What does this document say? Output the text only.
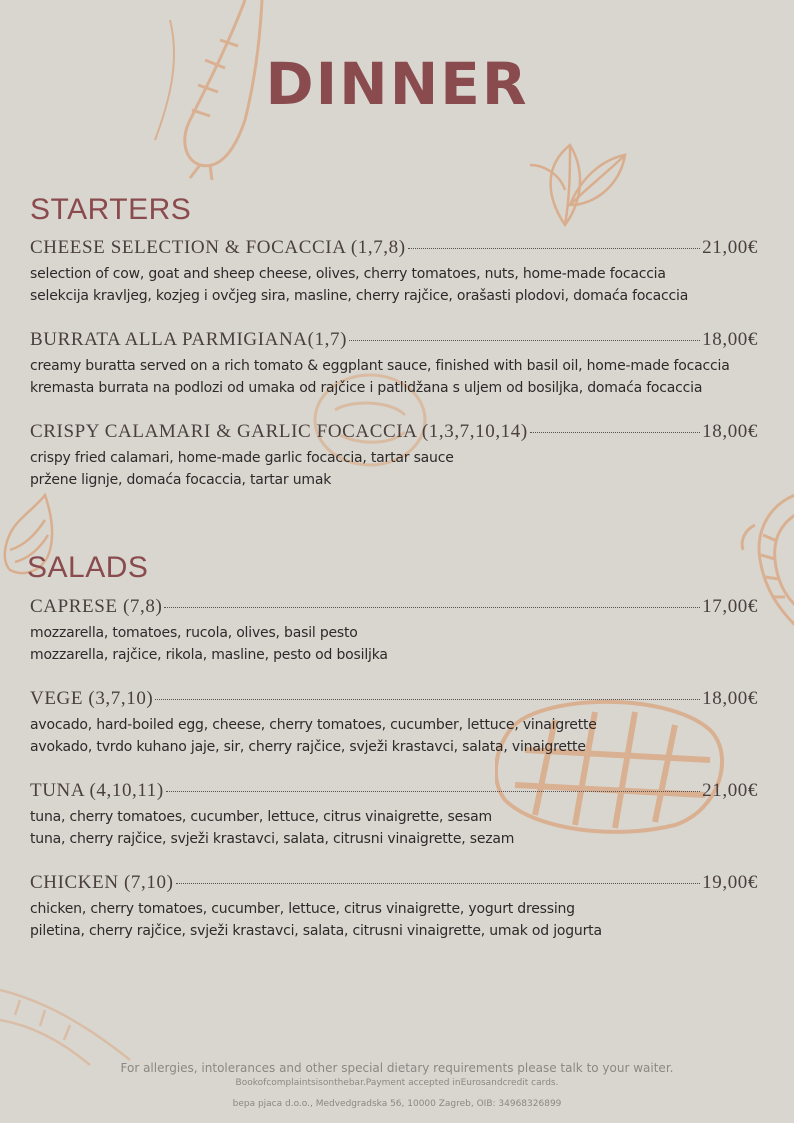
DINNER
STARTERS
CHEESE SELECTION & FOCACCIA (1,7,8)	21,00€
selection of cow, goat and sheep cheese, olives, cherry tomatoes, nuts, home-made focaccia
selekcija kravljeg, kozjeg i ovčjeg sira, masline, cherry rajčice, orašasti plodovi, domaća focaccia
BURRATA ALLA PARMIGIANA(1,7)	18,00€
creamy buratta served on a rich tomato & eggplant sauce, finished with basil oil, home-made focaccia
kremasta burrata na podlozi od umaka od rajčice i patlidžana s uljem od bosiljka, domaća focaccia
CRISPY CALAMARI & GARLIC FOCACCIA (1,3,7,10,14)	18,00€
crispy fried calamari, home-made garlic focaccia, tartar sauce
pržene lignje, domaća focaccia, tartar umak
SALADS
CAPRESE (7,8)	17,00€
mozzarella, tomatoes, rucola, olives, basil pesto
mozzarella, rajčice, rikola, masline, pesto od bosiljka
VEGE (3,7,10)	18,00€
avocado, hard-boiled egg, cheese, cherry tomatoes, cucumber, lettuce, vinaigrette
avokado, tvrdo kuhano jaje, sir, cherry rajčice, svježi krastavci, salata, vinaigrette
TUNA (4,10,11)	21,00€
tuna, cherry tomatoes, cucumber, lettuce, citrus vinaigrette, sesam
tuna, cherry rajčice, svježi krastavci, salata, citrusni vinaigrette, sezam
CHICKEN (7,10)	19,00€
chicken, cherry tomatoes, cucumber, lettuce, citrus vinaigrette, yogurt dressing
piletina, cherry rajčice, svježi krastavci, salata, citrusni vinaigrette, umak od jogurta
For allergies, intolerances and other special dietary requirements please talk to your waiter.
Bookofcomplaintsisonthebar.Payment accepted inEurosandcredit cards.
bepa pjaca d.o.o., Medvedgradska 56, 10000 Zagreb, OIB: 34968326899
